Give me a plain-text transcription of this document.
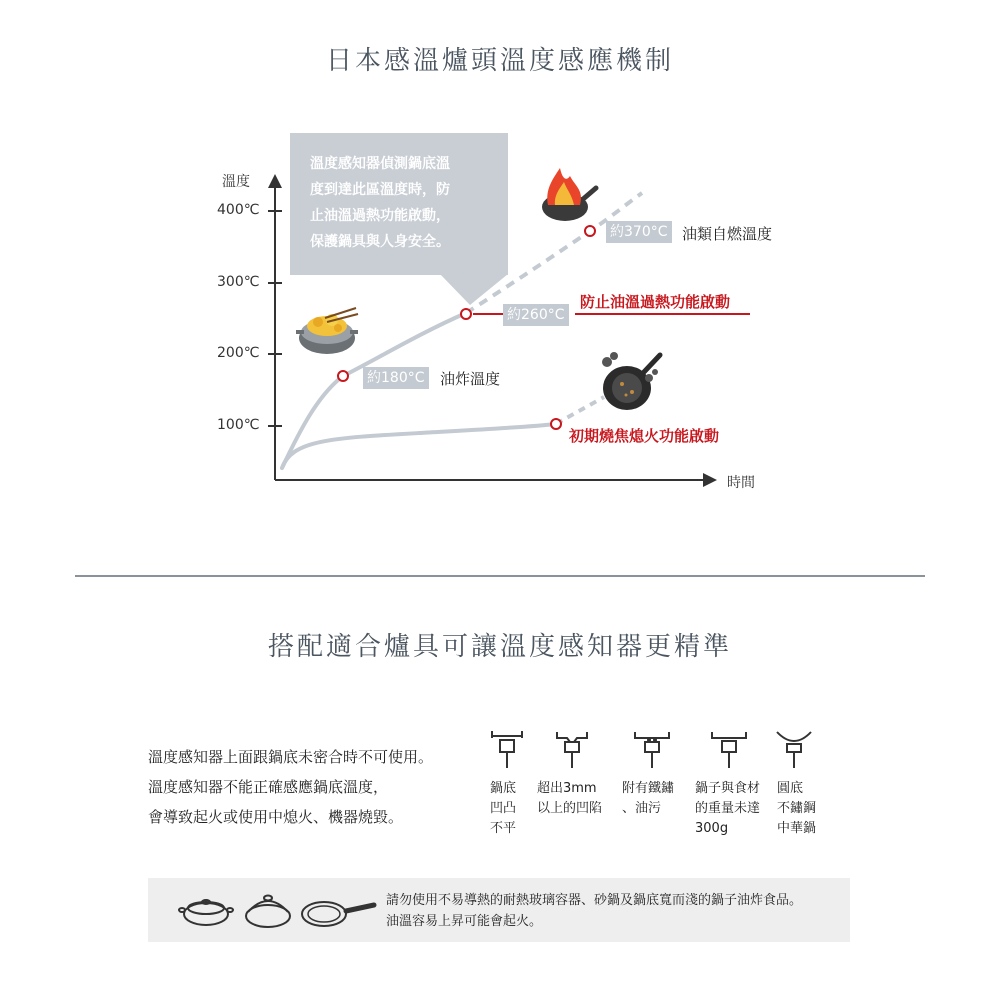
日本感溫爐頭溫度感應機制
溫度感知器偵測鍋底溫
度到達此區溫度時，防
止油溫過熱功能啟動，
保護鍋具與人身安全。
溫度
時間
400℃
300℃
200℃
100℃
約180°C 油炸溫度
約260°C
防止油溫過熱功能啟動
約370°C 油類自燃溫度
初期燒焦熄火功能啟動
搭配適合爐具可讓溫度感知器更精準
溫度感知器上面跟鍋底未密合時不可使用。
溫度感知器不能正確感應鍋底溫度，
會導致起火或使用中熄火、機器燒毀。
鍋底
凹凸
不平
超出3mm
以上的凹陷
附有鐵鏽
、油污
鍋子與食材
的重量未達
300g
圓底
不鏽鋼
中華鍋
請勿使用不易導熱的耐熱玻璃容器、砂鍋及鍋底寬而淺的鍋子油炸食品。
油溫容易上昇可能會起火。
